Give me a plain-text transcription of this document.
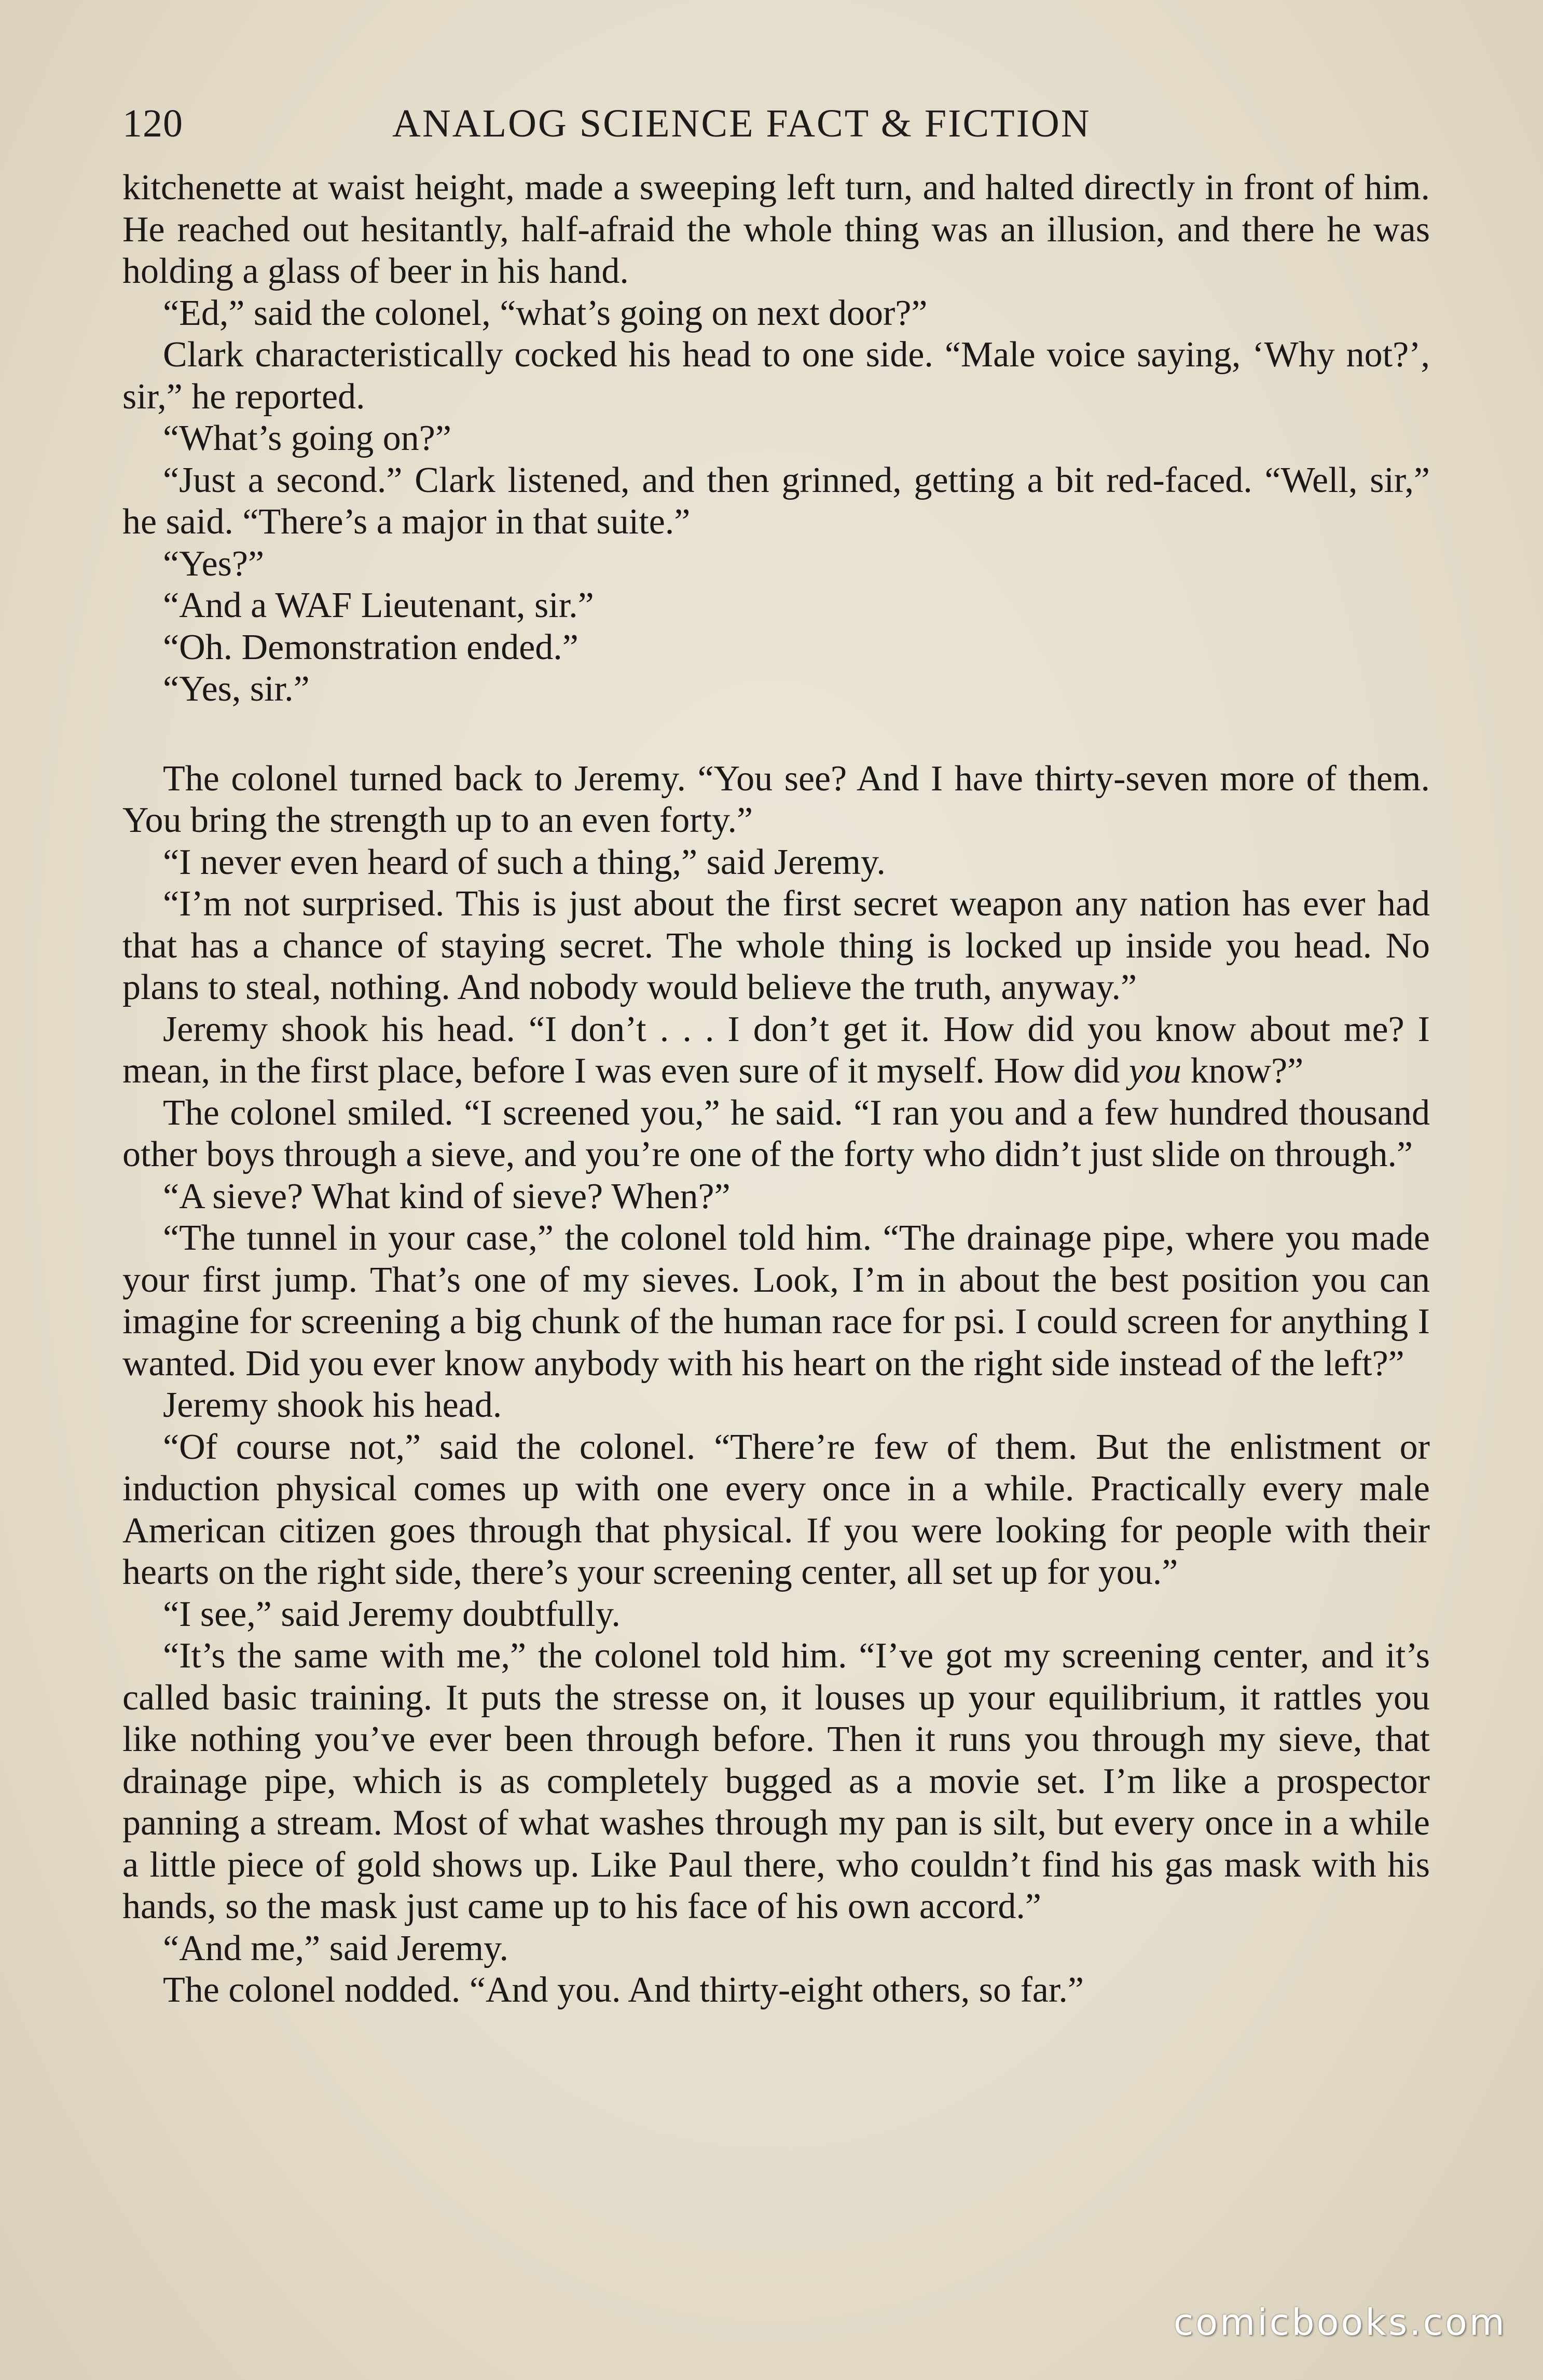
120	ANALOG SCIENCE FACT & FICTION

kitchenette at waist height, made a sweeping left turn, and halted directly in front of him. He reached out hesitantly, half-afraid the whole thing was an illusion, and there he was holding a glass of beer in his hand.

“Ed,” said the colonel, “what’s going on next door?”

Clark characteristically cocked his head to one side. “Male voice saying, ‘Why not?’, sir,” he reported.

“What’s going on?”

“Just a second.” Clark listened, and then grinned, getting a bit red-faced. “Well, sir,” he said. “There’s a major in that suite.”

“Yes?”

“And a WAF Lieutenant, sir.”

“Oh. Demonstration ended.”

“Yes, sir.”

The colonel turned back to Jeremy. “You see? And I have thirty-seven more of them. You bring the strength up to an even forty.”

“I never even heard of such a thing,” said Jeremy.

“I’m not surprised. This is just about the first secret weapon any nation has ever had that has a chance of staying secret. The whole thing is locked up inside you head. No plans to steal, nothing. And nobody would believe the truth, anyway.”

Jeremy shook his head. “I don’t . . . I don’t get it. How did you know about me? I mean, in the first place, before I was even sure of it myself. How did you know?”

The colonel smiled. “I screened you,” he said. “I ran you and a few hundred thousand other boys through a sieve, and you’re one of the forty who didn’t just slide on through.”

“A sieve? What kind of sieve? When?”

“The tunnel in your case,” the colonel told him. “The drainage pipe, where you made your first jump. That’s one of my sieves. Look, I’m in about the best position you can imagine for screening a big chunk of the human race for psi. I could screen for anything I wanted. Did you ever know anybody with his heart on the right side instead of the left?”

Jeremy shook his head.

“Of course not,” said the colonel. “There’re few of them. But the enlistment or induction physical comes up with one every once in a while. Practically every male American citizen goes through that physical. If you were looking for people with their hearts on the right side, there’s your screening center, all set up for you.”

“I see,” said Jeremy doubtfully.

“It’s the same with me,” the colonel told him. “I’ve got my screening center, and it’s called basic training. It puts the stresse on, it louses up your equilibrium, it rattles you like nothing you’ve ever been through before. Then it runs you through my sieve, that drainage pipe, which is as completely bugged as a movie set. I’m like a prospector panning a stream. Most of what washes through my pan is silt, but every once in a while a little piece of gold shows up. Like Paul there, who couldn’t find his gas mask with his hands, so the mask just came up to his face of his own accord.”

“And me,” said Jeremy.

The colonel nodded. “And you. And thirty-eight others, so far.”

comicbooks.com
